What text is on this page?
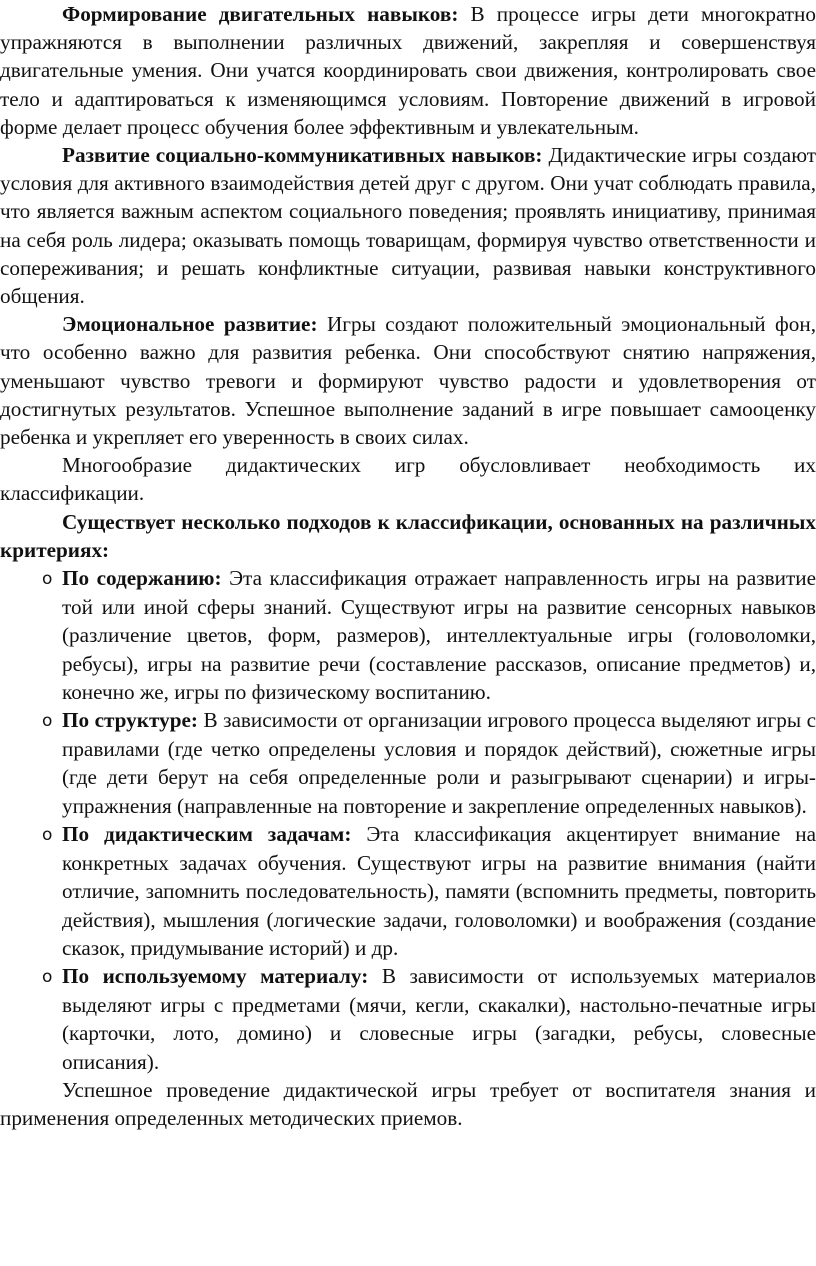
Формирование двигательных навыков: В процессе игры дети многократно упражняются в выполнении различных движений, закрепляя и совершенствуя двигательные умения. Они учатся координировать свои движения, контролировать свое тело и адаптироваться к изменяющимся условиям. Повторение движений в игровой форме делает процесс обучения более эффективным и увлекательным.

Развитие социально-коммуникативных навыков: Дидактические игры создают условия для активного взаимодействия детей друг с другом. Они учат соблюдать правила, что является важным аспектом социального поведения; проявлять инициативу, принимая на себя роль лидера; оказывать помощь товарищам, формируя чувство ответственности и сопереживания; и решать конфликтные ситуации, развивая навыки конструктивного общения.

Эмоциональное развитие: Игры создают положительный эмоциональный фон, что особенно важно для развития ребенка. Они способствуют снятию напряжения, уменьшают чувство тревоги и формируют чувство радости и удовлетворения от достигнутых результатов. Успешное выполнение заданий в игре повышает самооценку ребенка и укрепляет его уверенность в своих силах.

Многообразие дидактических игр обусловливает необходимость их классификации.

Существует несколько подходов к классификации, основанных на различных критериях:

o По содержанию: Эта классификация отражает направленность игры на развитие той или иной сферы знаний. Существуют игры на развитие сенсорных навыков (различение цветов, форм, размеров), интеллектуальные игры (головоломки, ребусы), игры на развитие речи (составление рассказов, описание предметов) и, конечно же, игры по физическому воспитанию.
o По структуре: В зависимости от организации игрового процесса выделяют игры с правилами (где четко определены условия и порядок действий), сюжетные игры (где дети берут на себя определенные роли и разыгрывают сценарии) и игры-упражнения (направленные на повторение и закрепление определенных навыков).
o По дидактическим задачам: Эта классификация акцентирует внимание на конкретных задачах обучения. Существуют игры на развитие внимания (найти отличие, запомнить последовательность), памяти (вспомнить предметы, повторить действия), мышления (логические задачи, головоломки) и воображения (создание сказок, придумывание историй) и др.
o По используемому материалу: В зависимости от используемых материалов выделяют игры с предметами (мячи, кегли, скакалки), настольно-печатные игры (карточки, лото, домино) и словесные игры (загадки, ребусы, словесные описания).

Успешное проведение дидактической игры требует от воспитателя знания и применения определенных методических приемов.
